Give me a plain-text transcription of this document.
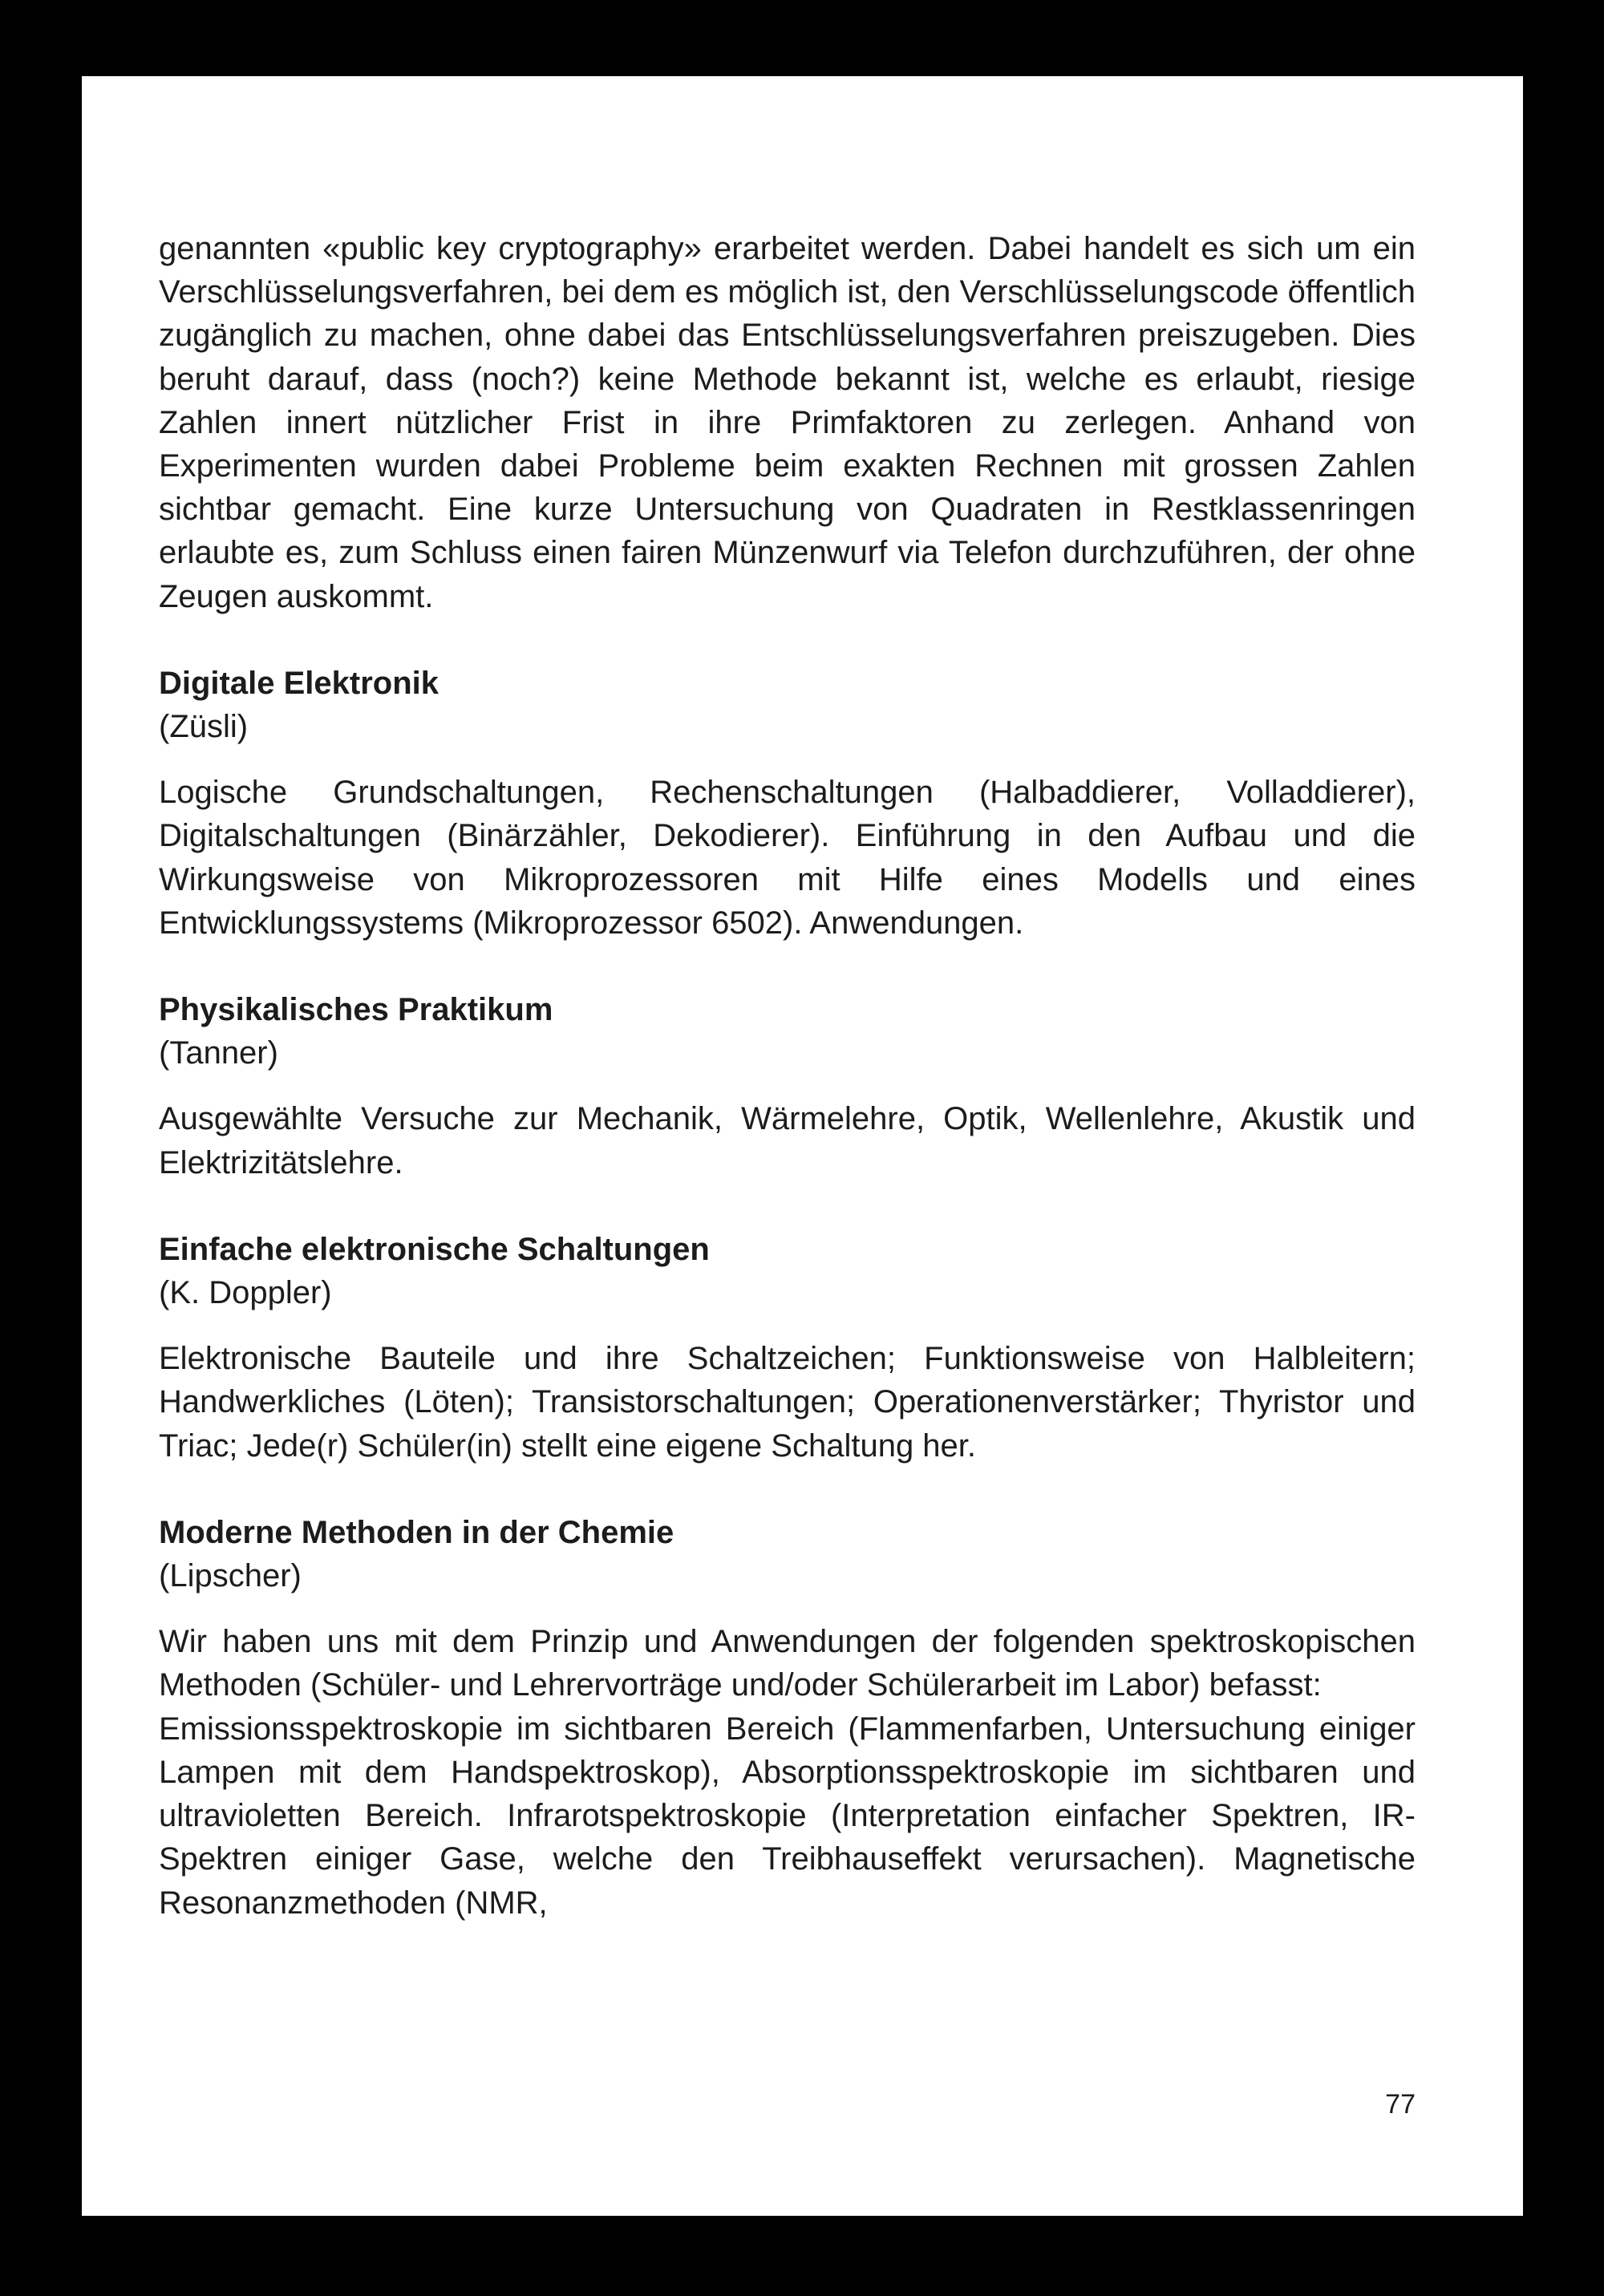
genannten «public key cryptography» erarbeitet werden. Dabei handelt es sich um ein Verschlüsselungsverfahren, bei dem es möglich ist, den Verschlüsselungscode öffentlich zugänglich zu machen, ohne dabei das Entschlüsselungsverfahren preiszugeben. Dies beruht darauf, dass (noch?) keine Methode bekannt ist, welche es erlaubt, riesige Zahlen innert nützlicher Frist in ihre Primfaktoren zu zerlegen. Anhand von Experimenten wurden dabei Probleme beim exakten Rechnen mit grossen Zahlen sichtbar gemacht. Eine kurze Untersuchung von Quadraten in Restklassenringen erlaubte es, zum Schluss einen fairen Münzenwurf via Telefon durchzuführen, der ohne Zeugen auskommt.

Digitale Elektronik

(Züsli)

Logische Grundschaltungen, Rechenschaltungen (Halbaddierer, Volladdierer), Digitalschaltungen (Binärzähler, Dekodierer). Einführung in den Aufbau und die Wirkungsweise von Mikroprozessoren mit Hilfe eines Modells und eines Entwicklungssystems (Mikroprozessor 6502). Anwendungen.

Physikalisches Praktikum

(Tanner)

Ausgewählte Versuche zur Mechanik, Wärmelehre, Optik, Wellenlehre, Akustik und Elektrizitätslehre.

Einfache elektronische Schaltungen

(K. Doppler)

Elektronische Bauteile und ihre Schaltzeichen; Funktionsweise von Halbleitern; Handwerkliches (Löten); Transistorschaltungen; Operationenverstärker; Thyristor und Triac; Jede(r) Schüler(in) stellt eine eigene Schaltung her.

Moderne Methoden in der Chemie

(Lipscher)

Wir haben uns mit dem Prinzip und Anwendungen der folgenden spektroskopischen Methoden (Schüler- und Lehrervorträge und/oder Schülerarbeit im Labor) befasst:

Emissionsspektroskopie im sichtbaren Bereich (Flammenfarben, Untersuchung einiger Lampen mit dem Handspektroskop), Absorptionsspektroskopie im sichtbaren und ultravioletten Bereich. Infrarotspektroskopie (Interpretation einfacher Spektren, IR-Spektren einiger Gase, welche den Treibhauseffekt verursachen). Magnetische Resonanzmethoden (NMR,

77
